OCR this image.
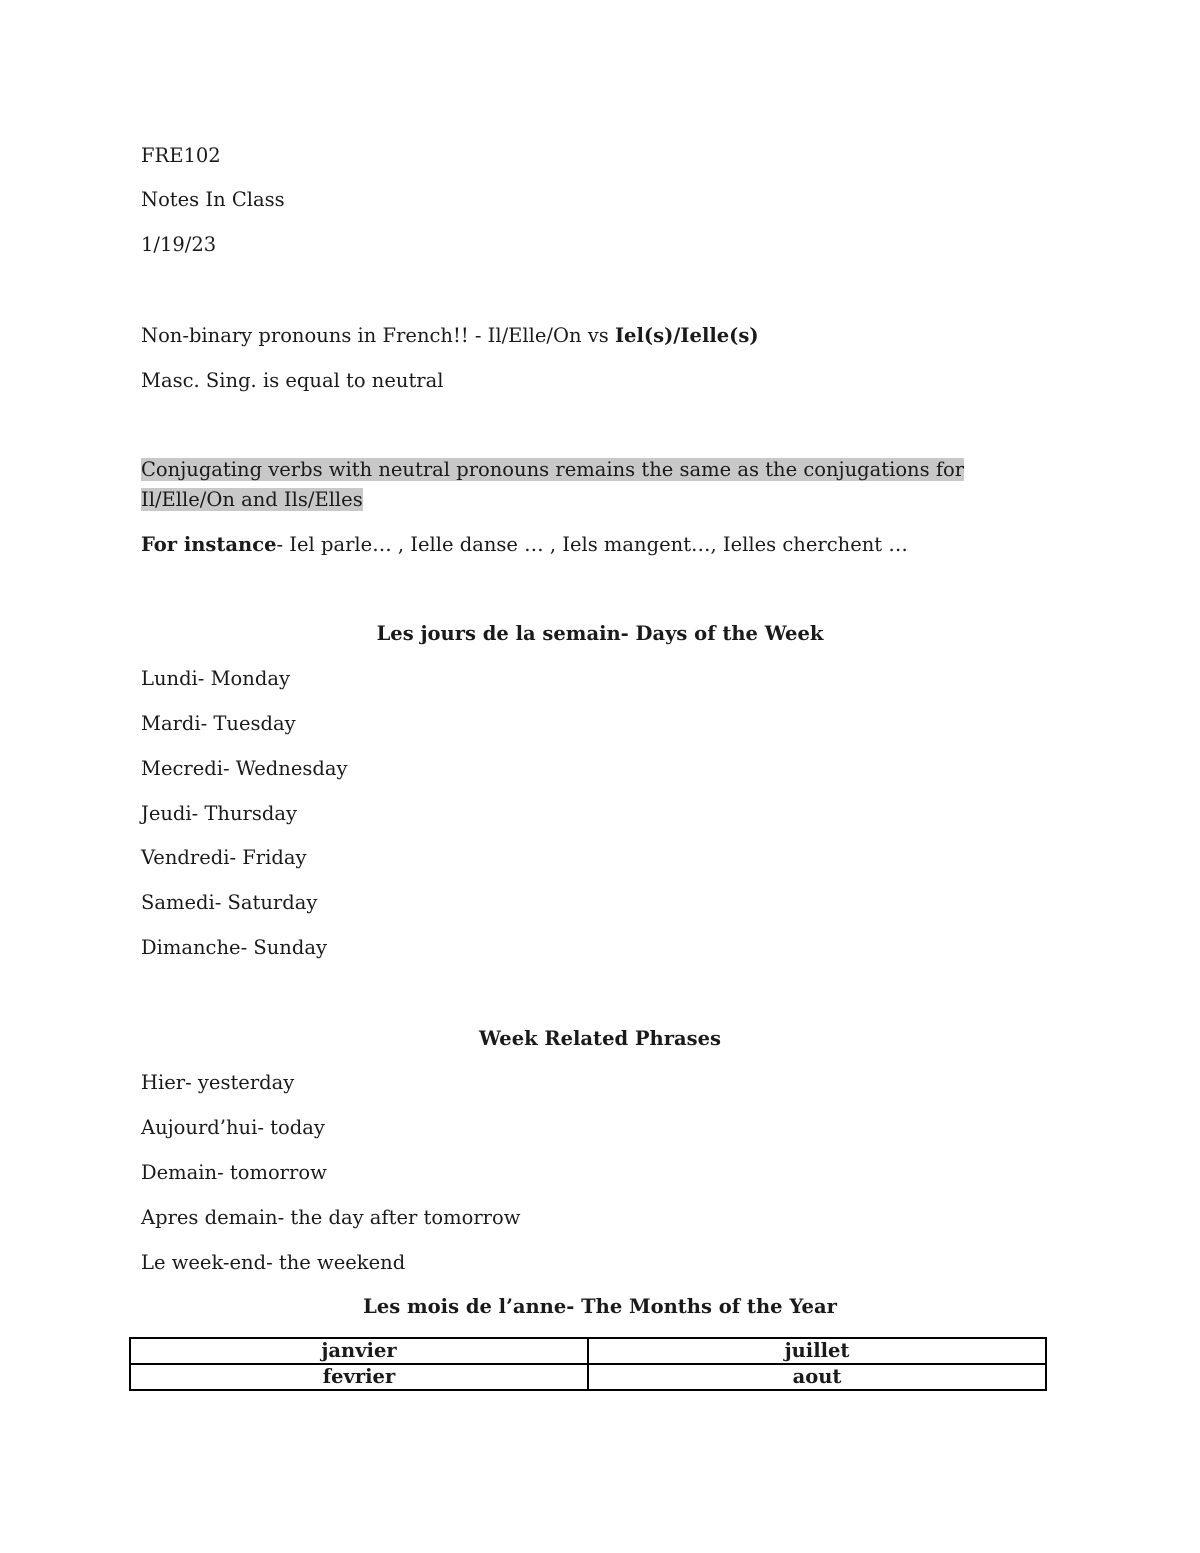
FRE102
Notes In Class
1/19/23
Non-binary pronouns in French!! - Il/Elle/On vs Iel(s)/Ielle(s)
Masc. Sing. is equal to neutral
Conjugating verbs with neutral pronouns remains the same as the conjugations for Il/Elle/On and Ils/Elles
For instance- Iel parle… , Ielle danse … , Iels mangent…, Ielles cherchent …
Les jours de la semain- Days of the Week
Lundi- Monday
Mardi- Tuesday
Mecredi- Wednesday
Jeudi- Thursday
Vendredi- Friday
Samedi- Saturday
Dimanche- Sunday
Week Related Phrases
Hier- yesterday
Aujourd’hui- today
Demain- tomorrow
Apres demain- the day after tomorrow
Le week-end- the weekend
Les mois de l’anne- The Months of the Year
janvier	juillet
fevrier	aout
